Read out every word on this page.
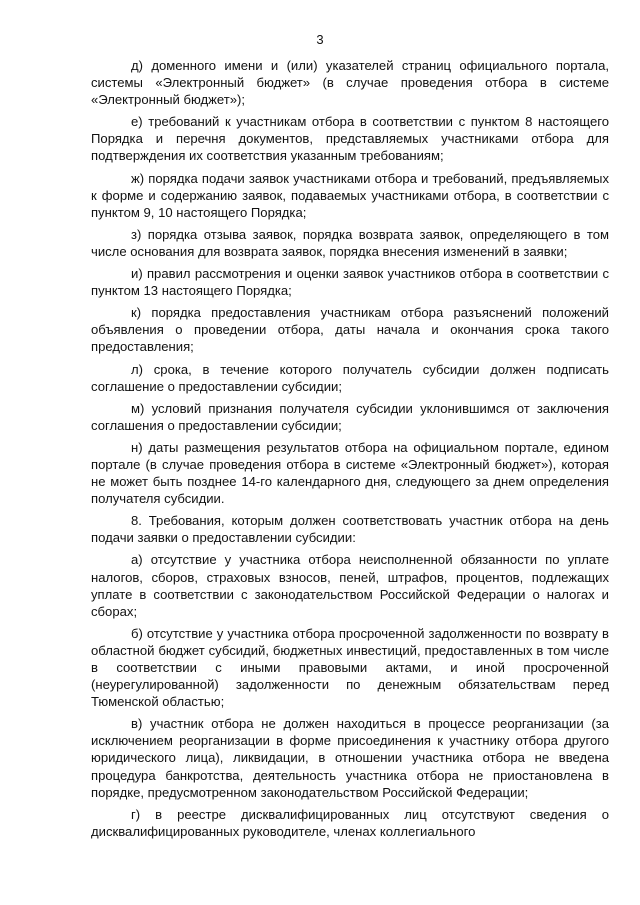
3

д) доменного имени и (или) указателей страниц официального портала, системы «Электронный бюджет» (в случае проведения отбора в системе «Электронный бюджет»);

е) требований к участникам отбора в соответствии с пунктом 8 настоящего Порядка и перечня документов, представляемых участниками отбора для подтверждения их соответствия указанным требованиям;

ж) порядка подачи заявок участниками отбора и требований, предъявляемых к форме и содержанию заявок, подаваемых участниками отбора, в соответствии с пунктом 9, 10 настоящего Порядка;

з) порядка отзыва заявок, порядка возврата заявок, определяющего в том числе основания для возврата заявок, порядка внесения изменений в заявки;

и) правил рассмотрения и оценки заявок участников отбора в соответствии с пунктом 13 настоящего Порядка;

к) порядка предоставления участникам отбора разъяснений положений объявления о проведении отбора, даты начала и окончания срока такого предоставления;

л) срока, в течение которого получатель субсидии должен подписать соглашение о предоставлении субсидии;

м) условий признания получателя субсидии уклонившимся от заключения соглашения о предоставлении субсидии;

н) даты размещения результатов отбора на официальном портале, едином портале (в случае проведения отбора в системе «Электронный бюджет»), которая не может быть позднее 14-го календарного дня, следующего за днем определения получателя субсидии.

8. Требования, которым должен соответствовать участник отбора на день подачи заявки о предоставлении субсидии:

а) отсутствие у участника отбора неисполненной обязанности по уплате налогов, сборов, страховых взносов, пеней, штрафов, процентов, подлежащих уплате в соответствии с законодательством Российской Федерации о налогах и сборах;

б) отсутствие у участника отбора просроченной задолженности по возврату в областной бюджет субсидий, бюджетных инвестиций, предоставленных в том числе в соответствии с иными правовыми актами, и иной просроченной (неурегулированной) задолженности по денежным обязательствам перед Тюменской областью;

в) участник отбора не должен находиться в процессе реорганизации (за исключением реорганизации в форме присоединения к участнику отбора другого юридического лица), ликвидации, в отношении участника отбора не введена процедура банкротства, деятельность участника отбора не приостановлена в порядке, предусмотренном законодательством Российской Федерации;

г) в реестре дисквалифицированных лиц отсутствуют сведения о дисквалифицированных руководителе, членах коллегиального
